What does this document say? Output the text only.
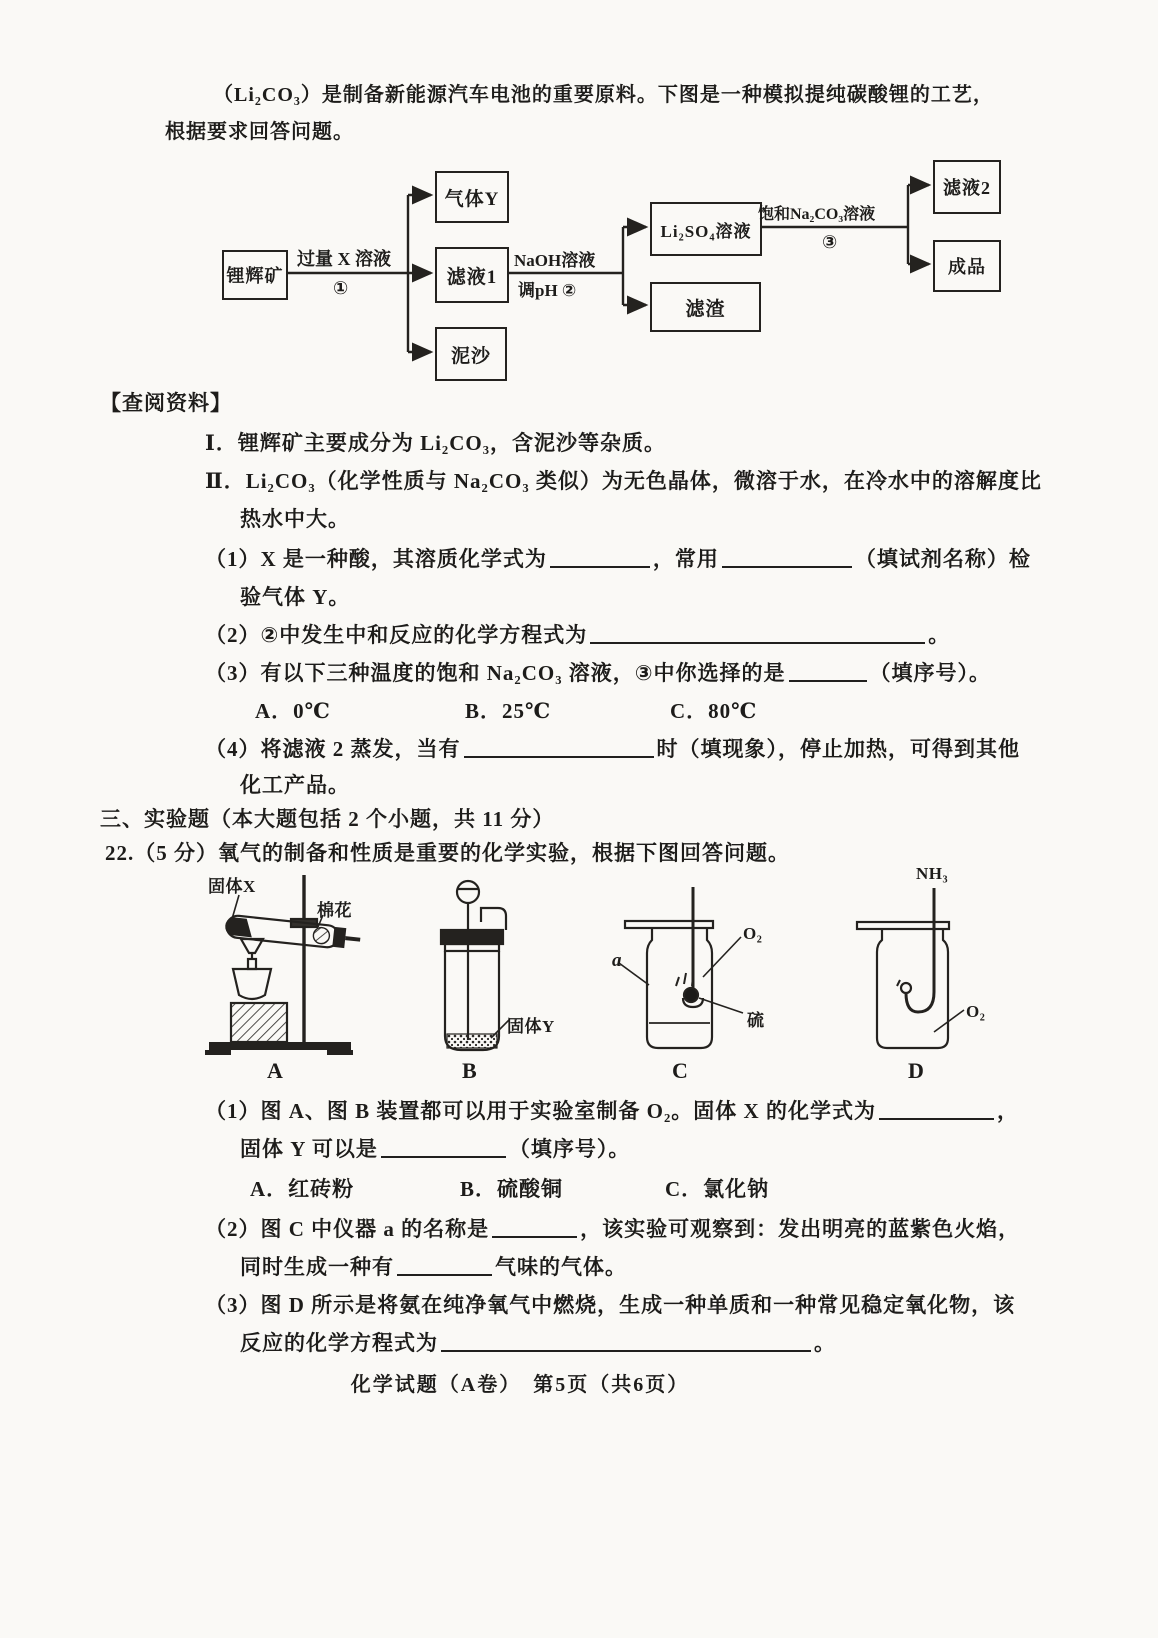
（Li₂CO₃）是制备新能源汽车电池的重要原料。下图是一种模拟提纯碳酸锂的工艺，
根据要求回答问题。
锂辉矿
气体Y
滤液1
泥沙
Li₂SO₄溶液
滤渣
滤液2
成品
过量 X 溶液
①
NaOH溶液
调pH ②
饱和Na₂CO₃溶液
③
【查阅资料】
Ⅰ．锂辉矿主要成分为 Li₂CO₃，含泥沙等杂质。
Ⅱ．Li₂CO₃（化学性质与 Na₂CO₃ 类似）为无色晶体，微溶于水，在冷水中的溶解度比
热水中大。
（1）X 是一种酸，其溶质化学式为	，常用	（填试剂名称）检
验气体 Y。
（2）②中发生中和反应的化学方程式为	。
（3）有以下三种温度的饱和 Na₂CO₃ 溶液，③中你选择的是	（填序号）。
A．0℃	B．25℃	C．80℃
（4）将滤液 2 蒸发，当有	时（填现象），停止加热，可得到其他
化工产品。
三、实验题（本大题包括 2 个小题，共 11 分）
22.（5 分）氧气的制备和性质是重要的化学实验，根据下图回答问题。
固体X
棉花
固体Y
a
O₂
硫
NH₃
O₂
A	B	C	D
（1）图 A、图 B 装置都可以用于实验室制备 O₂。固体 X 的化学式为	，
固体 Y 可以是	（填序号）。
A．红砖粉	B．硫酸铜	C．氯化钠
（2）图 C 中仪器 a 的名称是	，该实验可观察到：发出明亮的蓝紫色火焰，
同时生成一种有	气味的气体。
（3）图 D 所示是将氨在纯净氧气中燃烧，生成一种单质和一种常见稳定氧化物，该
反应的化学方程式为	。
化学试题（A卷）　第5页（共6页）
